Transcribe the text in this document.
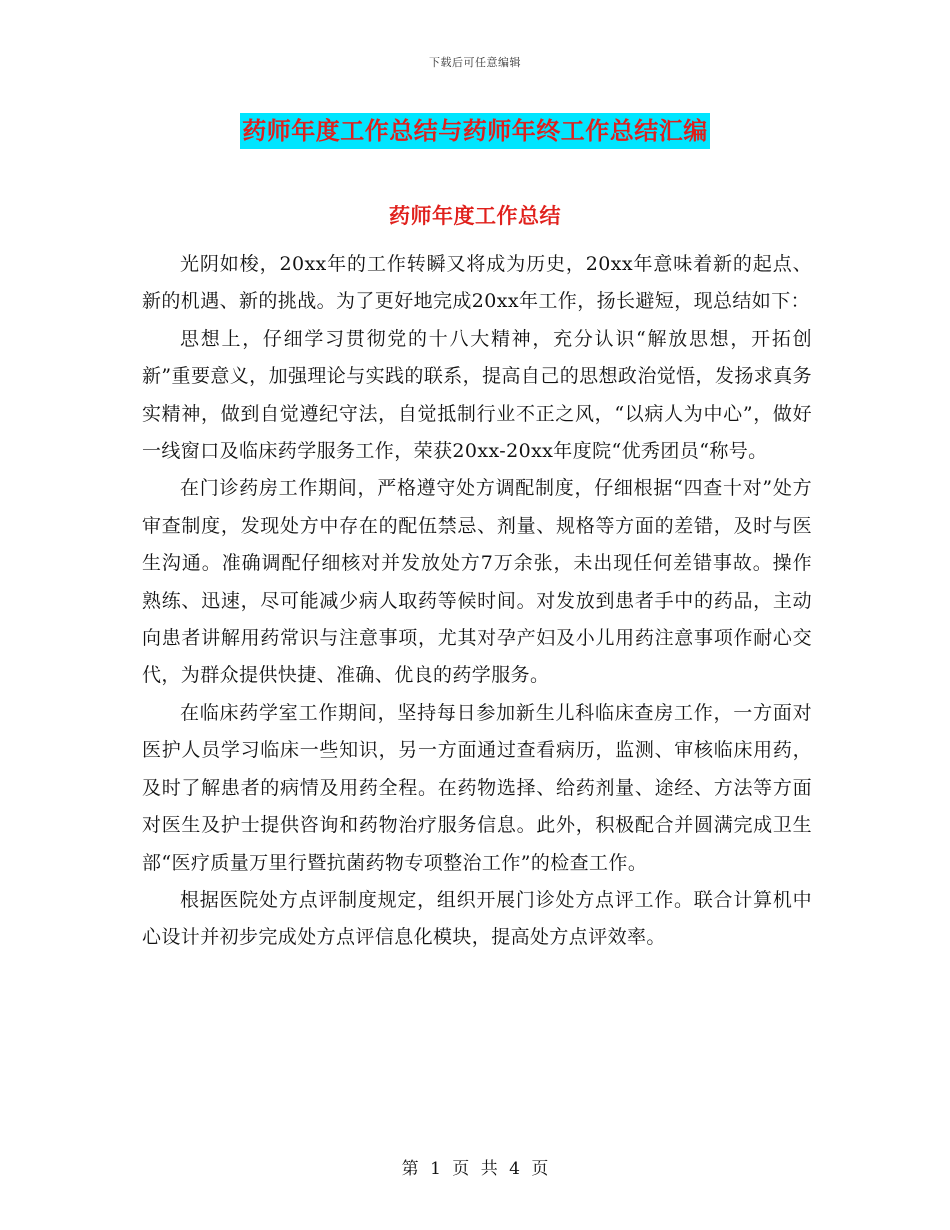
下载后可任意编辑
药师年度工作总结与药师年终工作总结汇编
药师年度工作总结

光阴如梭，20xx年的工作转瞬又将成为历史，20xx年意味着新的起点、新的机遇、新的挑战。为了更好地完成20xx年工作，扬长避短，现总结如下：

思想上，仔细学习贯彻党的十八大精神，充分认识“解放思想，开拓创新”重要意义，加强理论与实践的联系，提高自己的思想政治觉悟，发扬求真务实精神，做到自觉遵纪守法，自觉抵制行业不正之风，“以病人为中心”，做好一线窗口及临床药学服务工作，荣获20xx-20xx年度院“优秀团员“称号。

在门诊药房工作期间，严格遵守处方调配制度，仔细根据“四查十对”处方审查制度，发现处方中存在的配伍禁忌、剂量、规格等方面的差错，及时与医生沟通。准确调配仔细核对并发放处方7万余张，未出现任何差错事故。操作熟练、迅速，尽可能减少病人取药等候时间。对发放到患者手中的药品，主动向患者讲解用药常识与注意事项，尤其对孕产妇及小儿用药注意事项作耐心交代，为群众提供快捷、准确、优良的药学服务。

在临床药学室工作期间，坚持每日参加新生儿科临床查房工作，一方面对医护人员学习临床一些知识，另一方面通过查看病历，监测、审核临床用药，及时了解患者的病情及用药全程。在药物选择、给药剂量、途经、方法等方面对医生及护士提供咨询和药物治疗服务信息。此外，积极配合并圆满完成卫生部“医疗质量万里行暨抗菌药物专项整治工作”的检查工作。

根据医院处方点评制度规定，组织开展门诊处方点评工作。联合计算机中心设计并初步完成处方点评信息化模块，提高处方点评效率。

第 1 页 共 4 页
